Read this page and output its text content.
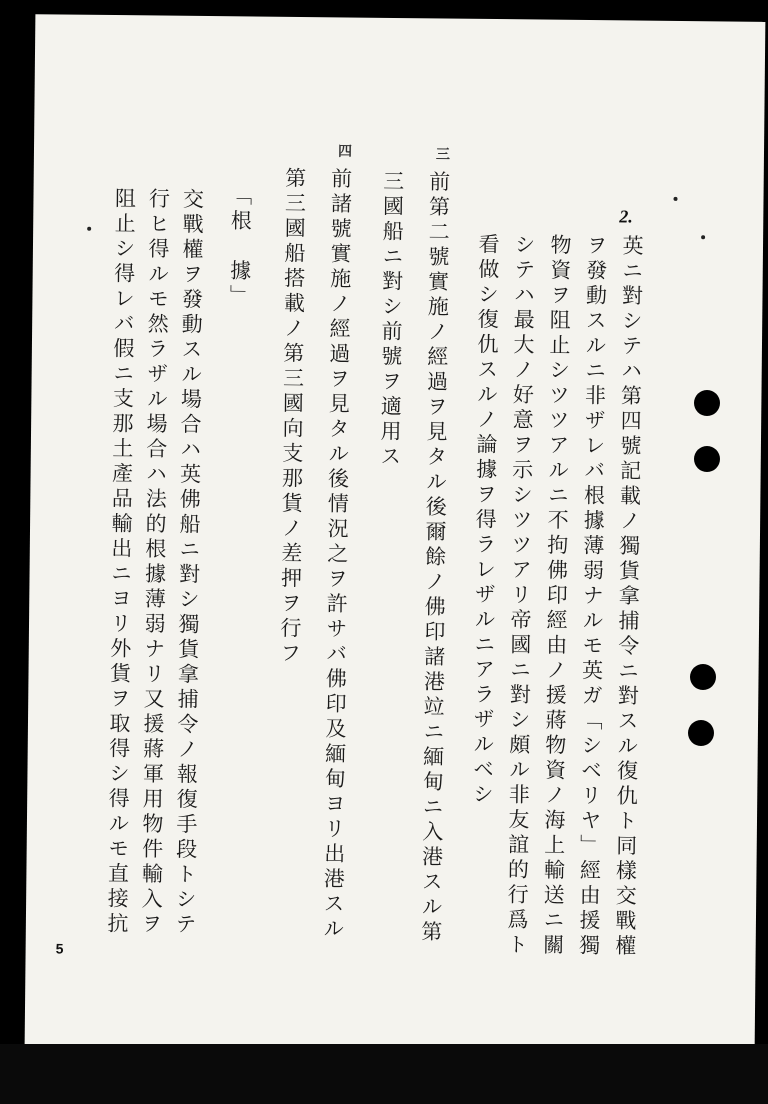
2.
英ニ對シテハ第四號記載ノ獨貨拿捕令ニ對スル復仇ト同樣交戰權
ヲ發動スルニ非ザレバ根據薄弱ナルモ英ガ「シベリヤ」經由援獨
物資ヲ阻止シツツアルニ不拘佛印經由ノ援蔣物資ノ海上輸送ニ關
シテハ最大ノ好意ヲ示シツツアリ帝國ニ對シ頗ル非友誼的行爲ト
看做シ復仇スルノ論據ヲ得ラレザルニアラザルベシ
三
前第二號實施ノ經過ヲ見タル後爾餘ノ佛印諸港竝ニ緬甸ニ入港スル第
三國船ニ對シ前號ヲ適用ス
四
前諸號實施ノ經過ヲ見タル後情況之ヲ許サバ佛印及緬甸ヨリ出港スル
第三國船搭載ノ第三國向支那貨ノ差押ヲ行フ
「根　據」
交戰權ヲ發動スル場合ハ英佛船ニ對シ獨貨拿捕令ノ報復手段トシテ
行ヒ得ルモ然ラザル場合ハ法的根據薄弱ナリ又援蔣軍用物件輸入ヲ
阻止シ得レバ假ニ支那土產品輸出ニヨリ外貨ヲ取得シ得ルモ直接抗
5
